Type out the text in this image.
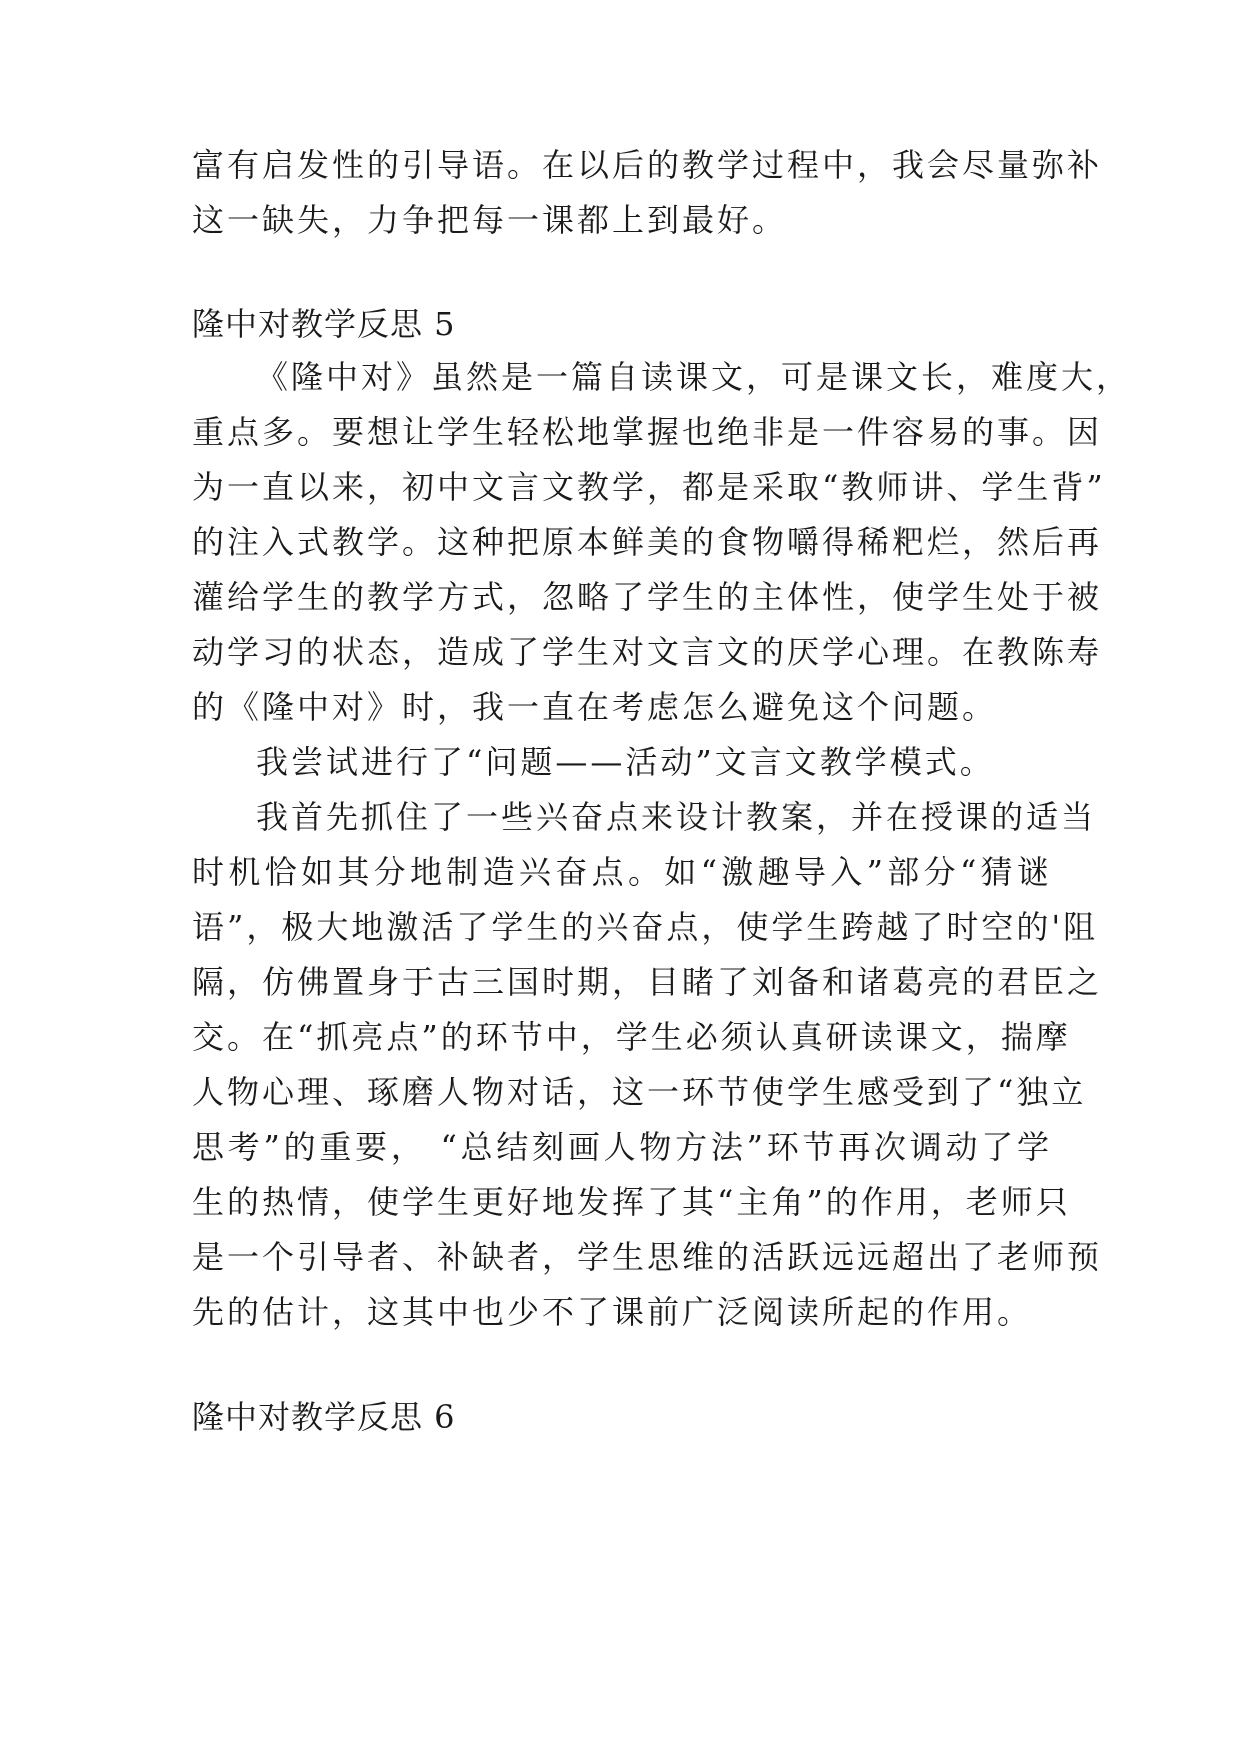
富有启发性的引导语。在以后的教学过程中，我会尽量弥补
这一缺失，力争把每一课都上到最好。
隆中对教学反思 5
《隆中对》虽然是一篇自读课文，可是课文长，难度大，
重点多。要想让学生轻松地掌握也绝非是一件容易的事。因
为一直以来，初中文言文教学，都是采取“教师讲、学生背”
的注入式教学。这种把原本鲜美的食物嚼得稀粑烂，然后再
灌给学生的教学方式，忽略了学生的主体性，使学生处于被
动学习的状态，造成了学生对文言文的厌学心理。在教陈寿
的《隆中对》时，我一直在考虑怎么避免这个问题。
我尝试进行了“问题——活动”文言文教学模式。
我首先抓住了一些兴奋点来设计教案，并在授课的适当
时机恰如其分地制造兴奋点。如“激趣导入”部分“猜谜
语”，极大地激活了学生的兴奋点，使学生跨越了时空的'阻
隔，仿佛置身于古三国时期，目睹了刘备和诸葛亮的君臣之
交。在“抓亮点”的环节中，学生必须认真研读课文，揣摩
人物心理、琢磨人物对话，这一环节使学生感受到了“独立
思考”的重要， “总结刻画人物方法”环节再次调动了学
生的热情，使学生更好地发挥了其“主角”的作用，老师只
是一个引导者、补缺者，学生思维的活跃远远超出了老师预
先的估计，这其中也少不了课前广泛阅读所起的作用。
隆中对教学反思 6
